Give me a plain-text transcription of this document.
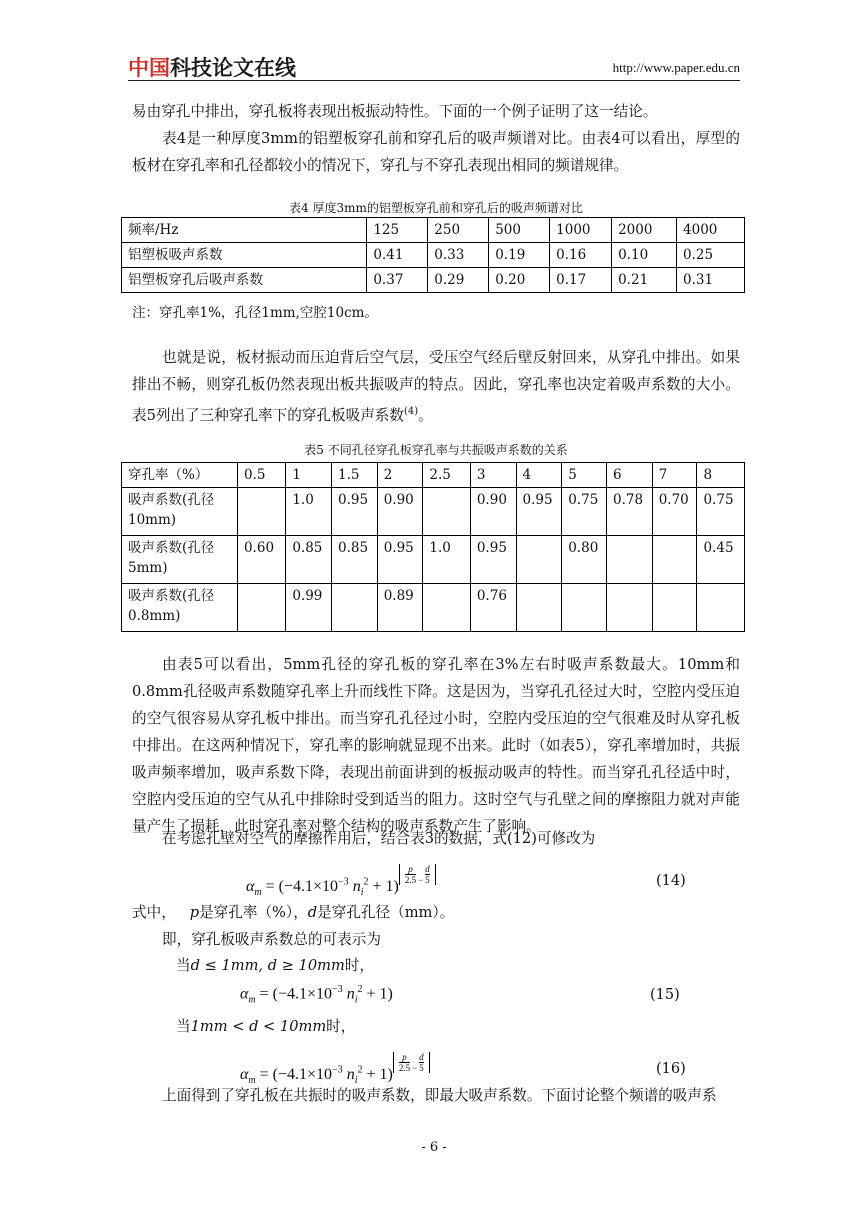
中国科技论文在线	http://www.paper.edu.cn
易由穿孔中排出，穿孔板将表现出板振动特性。下面的一个例子证明了这一结论。
表4是一种厚度3mm的铝塑板穿孔前和穿孔后的吸声频谱对比。由表4可以看出，厚型的板材在穿孔率和孔径都较小的情况下，穿孔与不穿孔表现出相同的频谱规律。
表4 厚度3mm的铝塑板穿孔前和穿孔后的吸声频谱对比
频率/Hz	125	250	500	1000	2000	4000
铝塑板吸声系数	0.41	0.33	0.19	0.16	0.10	0.25
铝塑板穿孔后吸声系数	0.37	0.29	0.20	0.17	0.21	0.31
注：穿孔率1%，孔径1mm,空腔10cm。
也就是说，板材振动而压迫背后空气层，受压空气经后壁反射回来，从穿孔中排出。如果排出不畅，则穿孔板仍然表现出板共振吸声的特点。因此，穿孔率也决定着吸声系数的大小。表5列出了三种穿孔率下的穿孔板吸声系数$^{(4)}$。
表5 不同孔径穿孔板穿孔率与共振吸声系数的关系
穿孔率（%）	0.5	1	1.5	2	2.5	3	4	5	6	7	8
吸声系数(孔径10mm)		1.0	0.95	0.90		0.90	0.95	0.75	0.78	0.70	0.75
吸声系数(孔径5mm)	0.60	0.85	0.85	0.95	1.0	0.95		0.80			0.45
吸声系数(孔径0.8mm)		0.99		0.89		0.76					
由表5可以看出，5mm孔径的穿孔板的穿孔率在3%左右时吸声系数最大。10mm和0.8mm孔径吸声系数随穿孔率上升而线性下降。这是因为，当穿孔孔径过大时，空腔内受压迫的空气很容易从穿孔板中排出。而当穿孔孔径过小时，空腔内受压迫的空气很难及时从穿孔板中排出。在这两种情况下，穿孔率的影响就显现不出来。此时（如表5），穿孔率增加时，共振吸声频率增加，吸声系数下降，表现出前面讲到的板振动吸声的特性。而当穿孔孔径适中时，空腔内受压迫的空气从孔中排除时受到适当的阻力。这时空气与孔壁之间的摩擦阻力就对声能量产生了损耗，此时穿孔率对整个结构的吸声系数产生了影响。
在考虑孔壁对空气的摩擦作用后，结合表3的数据，式(12)可修改为
$\alpha_m = (-4.1\times 10^{-3}$ $n_i^2 + 1$)
$\frac{p}{2.5} - \frac{d}{5}$	(14)
式中， p是穿孔率（%），d是穿孔孔径（mm）。
即，穿孔板吸声系数总的可表示为
当d ≤ 1mm, d ≥ 10mm时，
$\alpha_m = (-4.1\times 10^{-3}$ $n_i^2 + 1$)	(15)
当1mm < d < 10mm时，
$\alpha_m = (-4.1\times 10^{-3}$ $n_i^2 + 1$)
$\frac{p}{2.5} - \frac{d}{5}$	(16)
上面得到了穿孔板在共振时的吸声系数，即最大吸声系数。下面讨论整个频谱的吸声系
- 6 -
